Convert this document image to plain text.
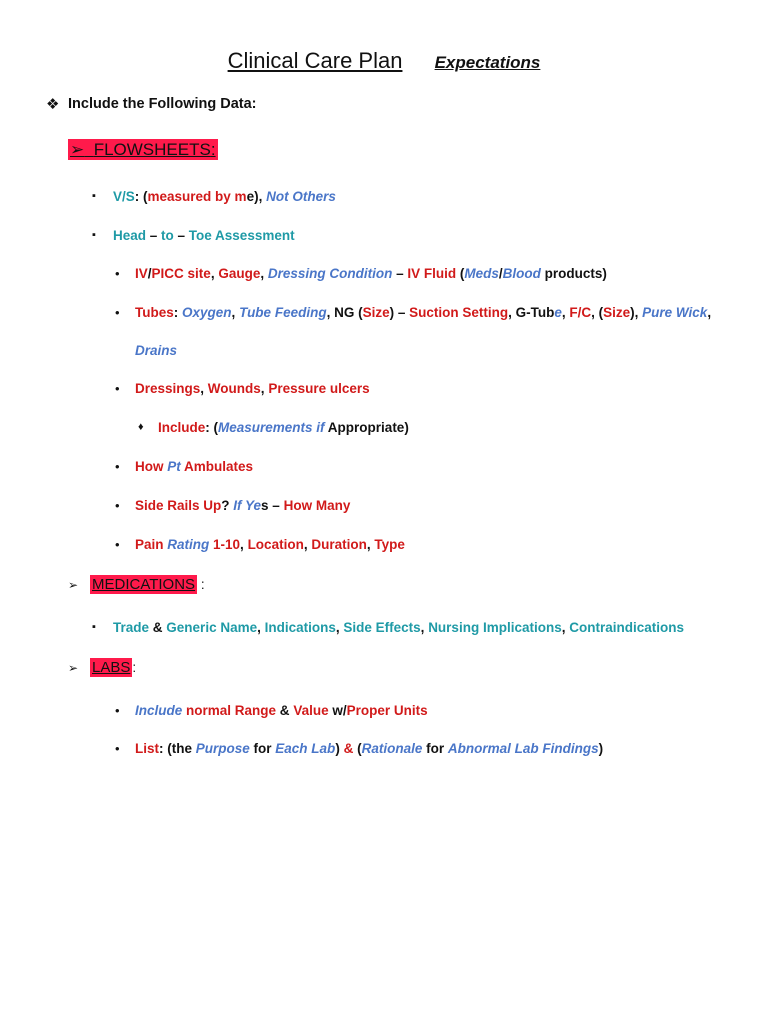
Clinical Care Plan Expectations
❖ Include the Following Data:
➢ FLOWSHEETS:
▪ V/S: (measured by me), Not Others
▪ Head – to – Toe Assessment
• IV/PICC site, Gauge, Dressing Condition – IV Fluid (Meds/Blood products)
• Tubes: Oxygen, Tube Feeding, NG (Size) – Suction Setting, G-Tube, F/C, (Size), Pure Wick,
Drains
• Dressings, Wounds, Pressure ulcers
♦ Include: (Measurements if Appropriate)
• How Pt Ambulates
• Side Rails Up? If Yes – How Many
• Pain Rating 1-10, Location, Duration, Type
➢ MEDICATIONS :
▪ Trade & Generic Name, Indications, Side Effects, Nursing Implications, Contraindications
➢ LABS :
• Include normal Range & Value w/Proper Units
• List: (the Purpose for Each Lab) & (Rationale for Abnormal Lab Findings)
